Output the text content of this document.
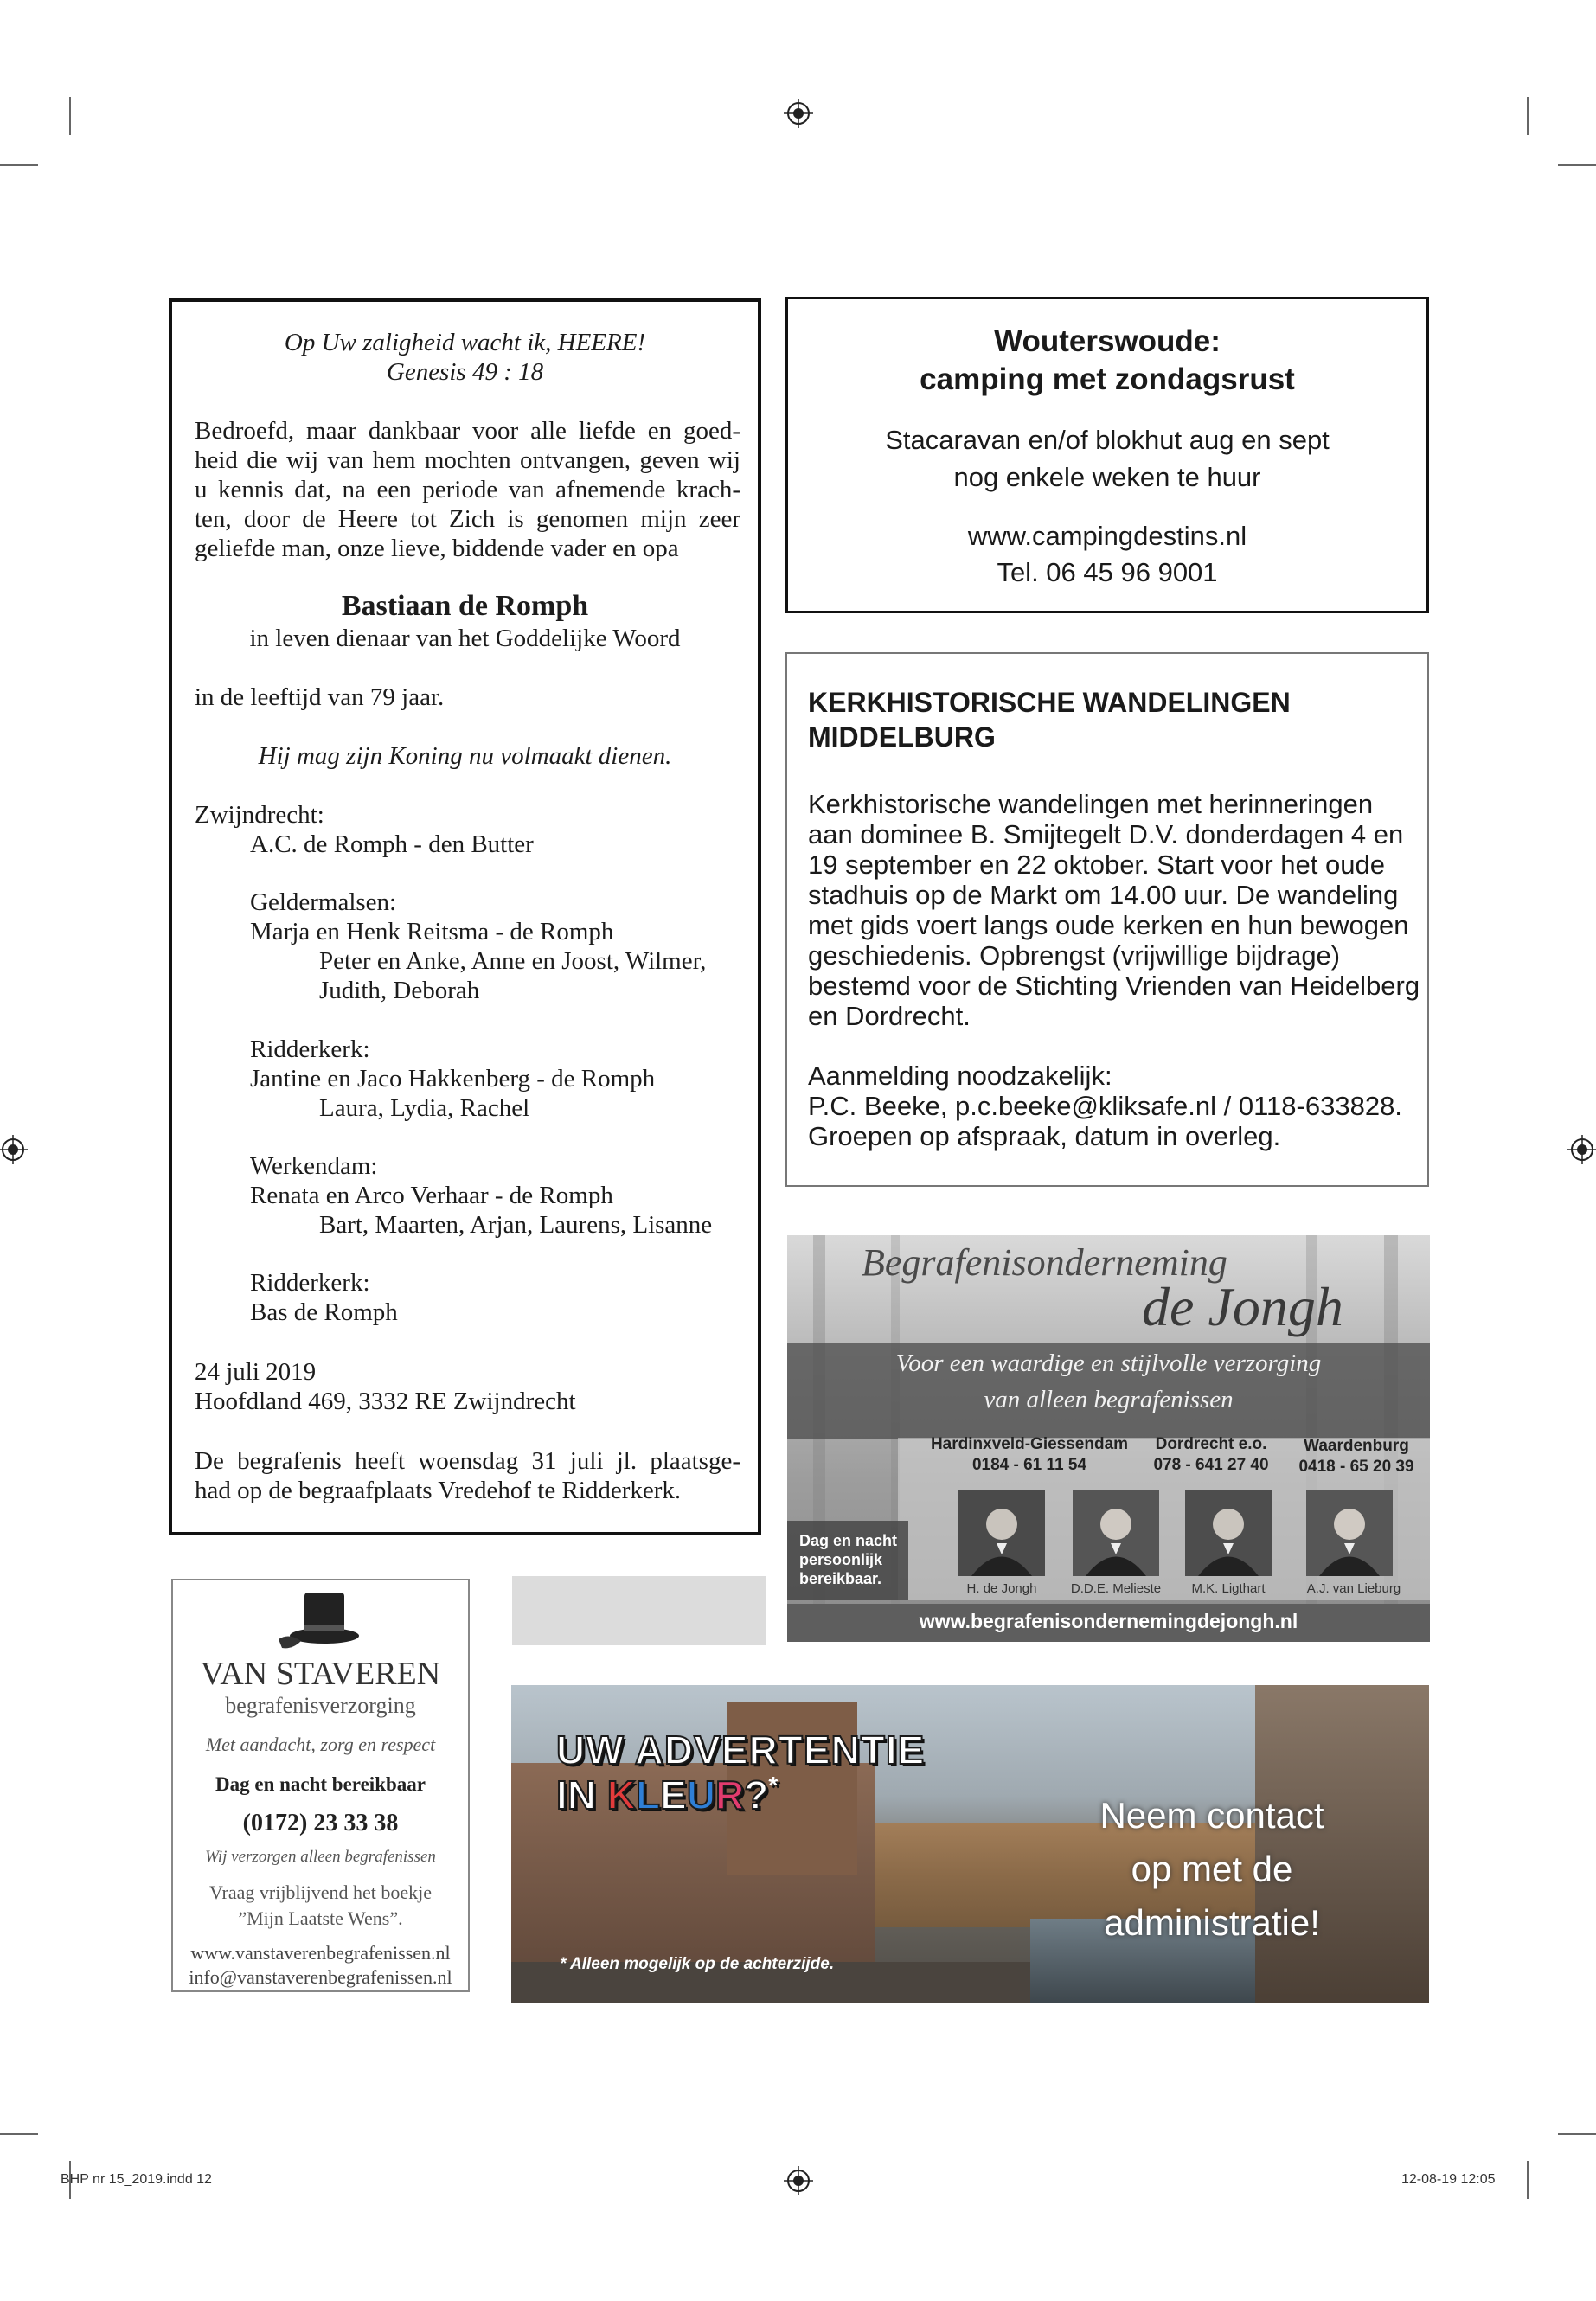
Op Uw zaligheid wacht ik, HEERE!
Genesis 49 : 18
Bedroefd, maar dankbaar voor alle liefde en goed-
heid die wij van hem mochten ontvangen, geven wij
u kennis dat, na een periode van afnemende krach-
ten, door de Heere tot Zich is genomen mijn zeer
geliefde man, onze lieve, biddende vader en opa
Bastiaan de Romph
in leven dienaar van het Goddelijke Woord
in de leeftijd van 79 jaar.
Hij mag zijn Koning nu volmaakt dienen.
Zwijndrecht:
A.C. de Romph - den Butter
Geldermalsen:
Marja en Henk Reitsma - de Romph
Peter en Anke, Anne en Joost, Wilmer,
Judith, Deborah
Ridderkerk:
Jantine en Jaco Hakkenberg - de Romph
Laura, Lydia, Rachel
Werkendam:
Renata en Arco Verhaar - de Romph
Bart, Maarten, Arjan, Laurens, Lisanne
Ridderkerk:
Bas de Romph
24 juli 2019
Hoofdland 469, 3332 RE Zwijndrecht
De begrafenis heeft woensdag 31 juli jl. plaatsge-
had op de begraafplaats Vredehof te Ridderkerk.
Wouterswoude:
camping met zondagsrust
Stacaravan en/of blokhut aug en sept
nog enkele weken te huur
www.campingdestins.nl
Tel. 06 45 96 9001
KERKHISTORISCHE WANDELINGEN
MIDDELBURG
Kerkhistorische wandelingen met herinneringen
aan dominee B. Smijtegelt D.V. donderdagen 4 en
19 september en 22 oktober. Start voor het oude
stadhuis op de Markt om 14.00 uur. De wandeling
met gids voert langs oude kerken en hun bewogen
geschiedenis. Opbrengst (vrijwillige bijdrage)
bestemd voor de Stichting Vrienden van Heidelberg
en Dordrecht.
Aanmelding noodzakelijk:
P.C. Beeke, p.c.beeke@kliksafe.nl / 0118-633828.
Groepen op afspraak, datum in overleg.
Begrafenisonderneming
de Jongh
Voor een waardige en stijlvolle verzorging
van alleen begrafenissen
Hardinxveld-Giessendam
0184 - 61 11 54
Dordrecht e.o.
078 - 641 27 40
Waardenburg
0418 - 65 20 39
Dag en nacht
persoonlijk
bereikbaar.
H. de Jongh	D.D.E. Melieste	M.K. Ligthart	A.J. van Lieburg
www.begrafenisondernemingdejongh.nl
VAN STAVEREN
begrafenisverzorging
Met aandacht, zorg en respect
Dag en nacht bereikbaar
(0172) 23 33 38
Wij verzorgen alleen begrafenissen
Vraag vrijblijvend het boekje
”Mijn Laatste Wens”.
www.vanstaverenbegrafenissen.nl
info@vanstaverenbegrafenissen.nl
UW ADVERTENTIE
IN KLEUR?*
Neem contact
op met de
administratie!
* Alleen mogelijk op de achterzijde.
BHP nr 15_2019.indd 12	12-08-19 12:05
